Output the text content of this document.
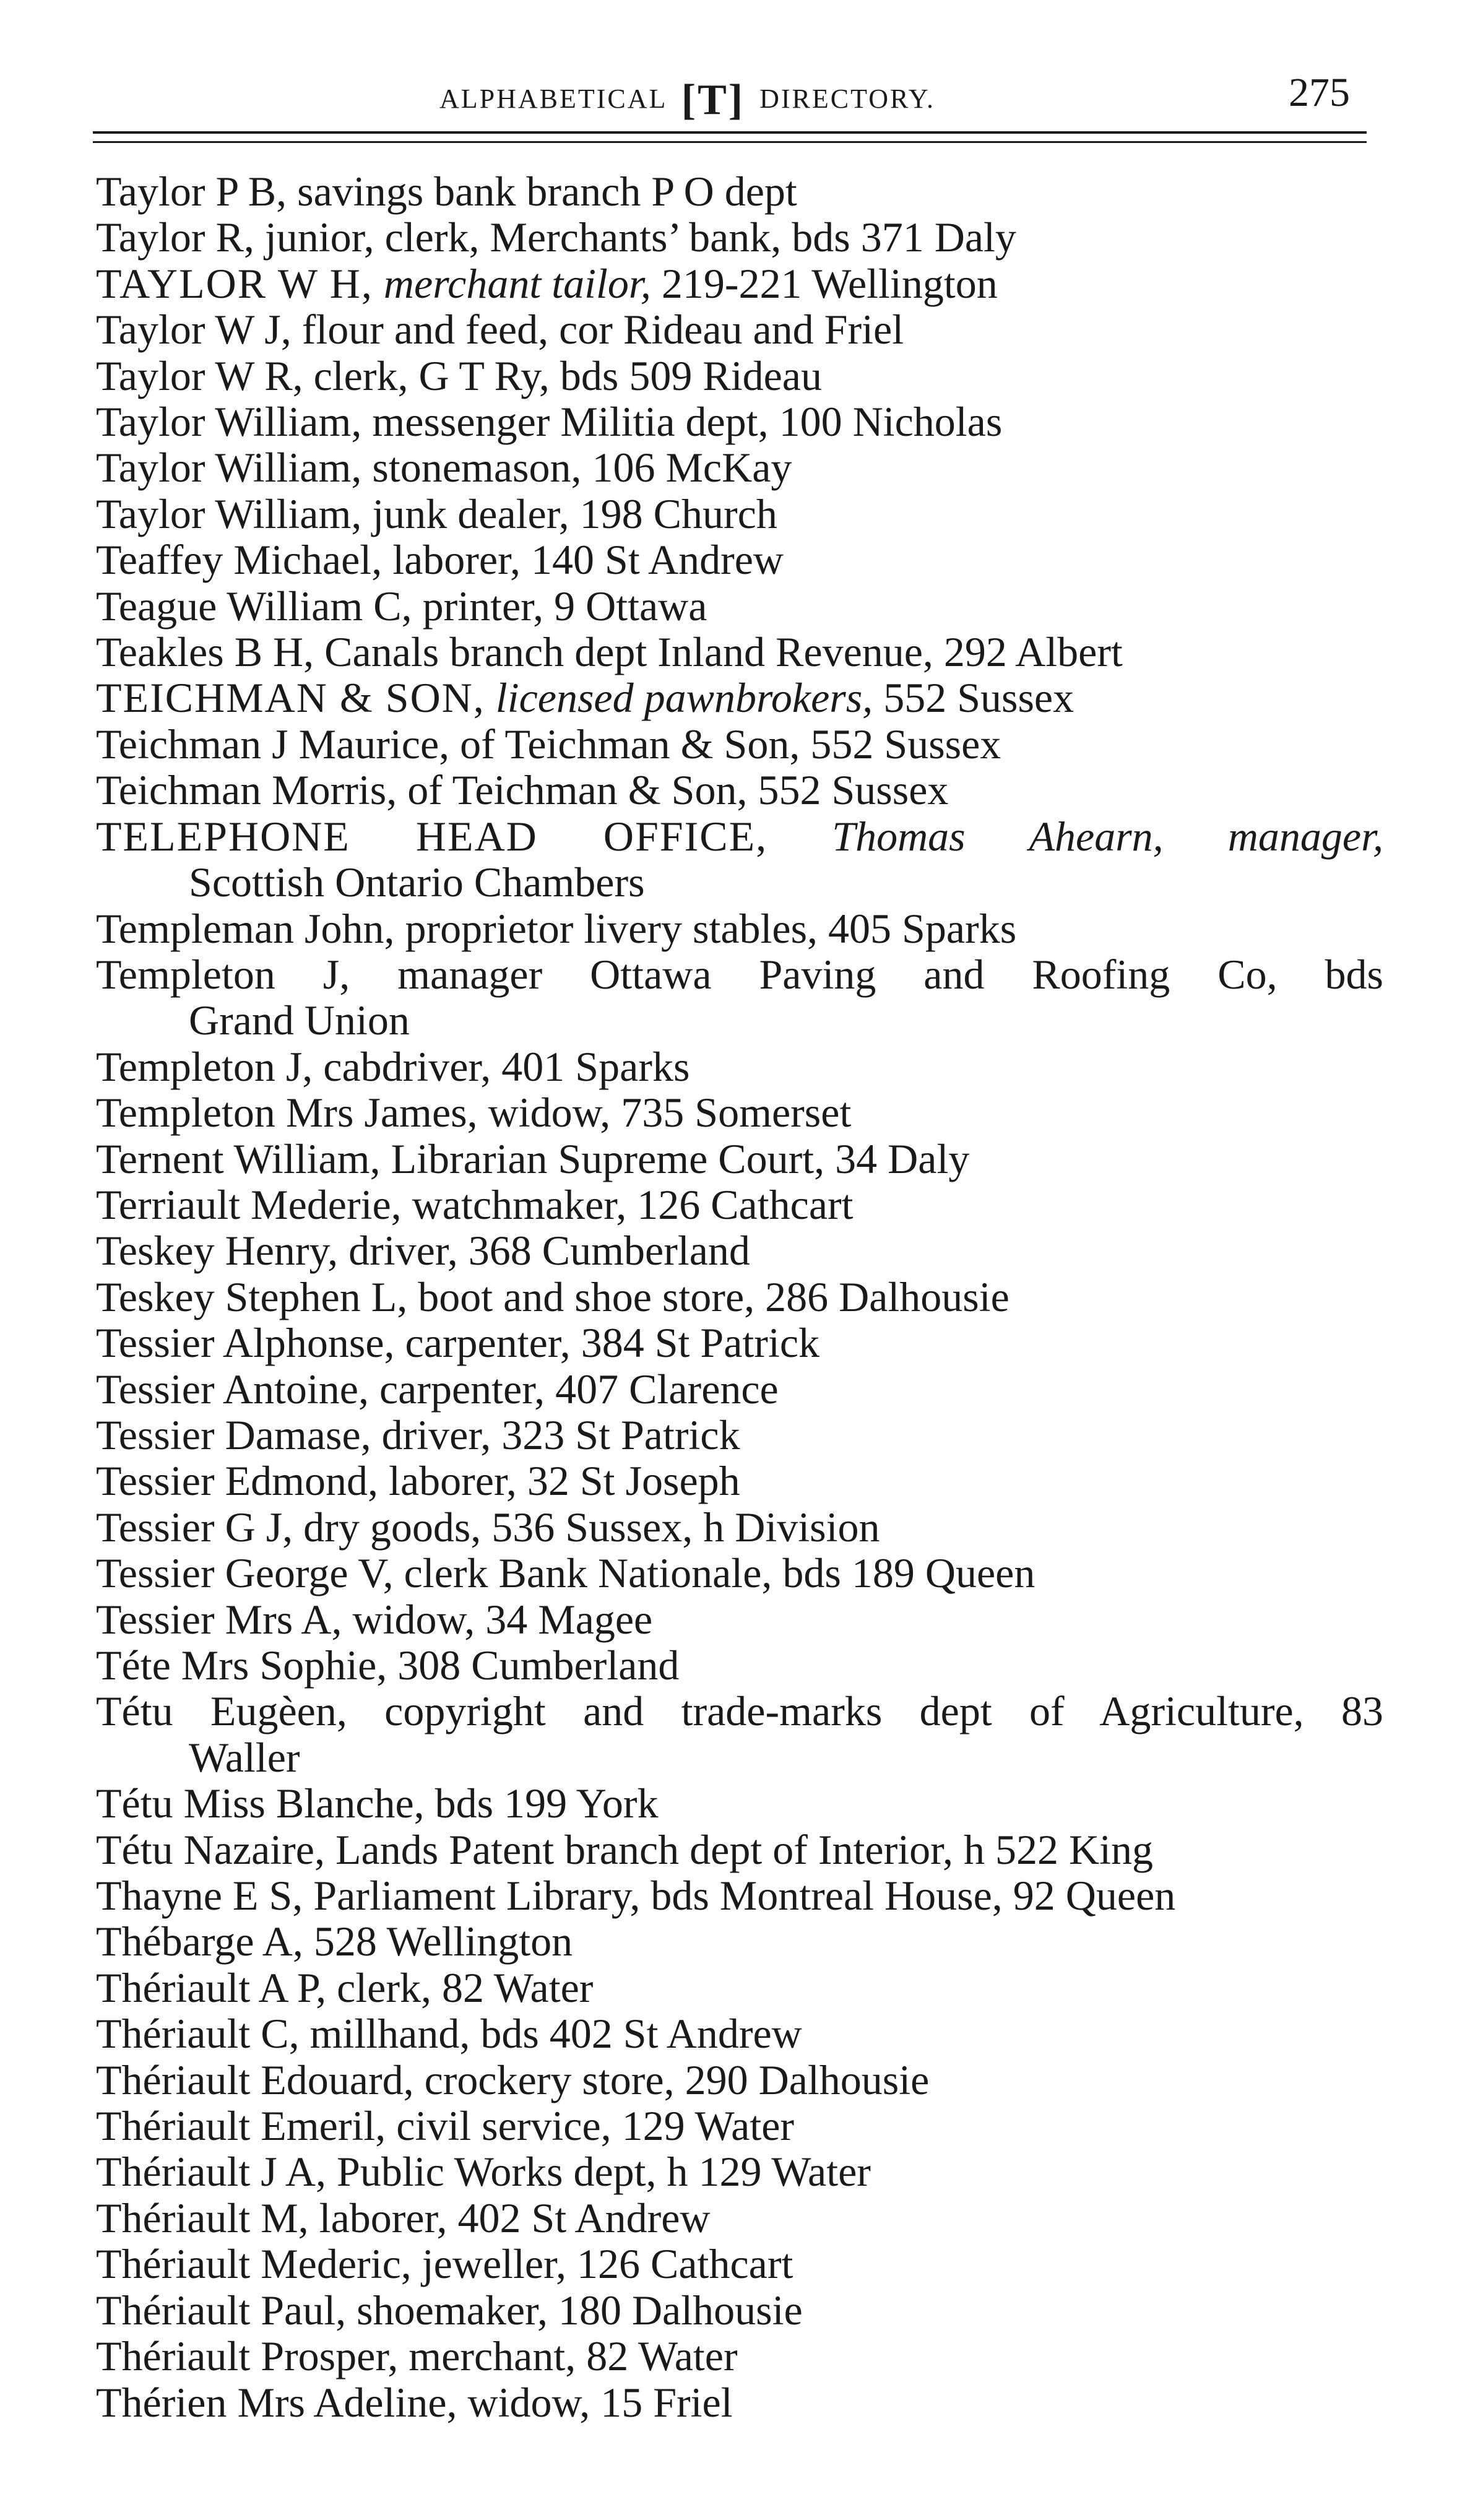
ALPHABETICAL [T] DIRECTORY.	275
Taylor P B, savings bank branch P O dept
Taylor R, junior, clerk, Merchants’ bank, bds 371 Daly
TAYLOR W H, merchant tailor, 219-221 Wellington
Taylor W J, flour and feed, cor Rideau and Friel
Taylor W R, clerk, G T Ry, bds 509 Rideau
Taylor William, messenger Militia dept, 100 Nicholas
Taylor William, stonemason, 106 McKay
Taylor William, junk dealer, 198 Church
Teaffey Michael, laborer, 140 St Andrew
Teague William C, printer, 9 Ottawa
Teakles B H, Canals branch dept Inland Revenue, 292 Albert
TEICHMAN & SON, licensed pawnbrokers, 552 Sussex
Teichman J Maurice, of Teichman & Son, 552 Sussex
Teichman Morris, of Teichman & Son, 552 Sussex
TELEPHONE HEAD OFFICE, Thomas Ahearn, manager,
Scottish Ontario Chambers
Templeman John, proprietor livery stables, 405 Sparks
Templeton J, manager Ottawa Paving and Roofing Co, bds
Grand Union
Templeton J, cabdriver, 401 Sparks
Templeton Mrs James, widow, 735 Somerset
Ternent William, Librarian Supreme Court, 34 Daly
Terriault Mederie, watchmaker, 126 Cathcart
Teskey Henry, driver, 368 Cumberland
Teskey Stephen L, boot and shoe store, 286 Dalhousie
Tessier Alphonse, carpenter, 384 St Patrick
Tessier Antoine, carpenter, 407 Clarence
Tessier Damase, driver, 323 St Patrick
Tessier Edmond, laborer, 32 St Joseph
Tessier G J, dry goods, 536 Sussex, h Division
Tessier George V, clerk Bank Nationale, bds 189 Queen
Tessier Mrs A, widow, 34 Magee
Téte Mrs Sophie, 308 Cumberland
Tétu Eugèen, copyright and trade-marks dept of Agriculture, 83
Waller
Tétu Miss Blanche, bds 199 York
Tétu Nazaire, Lands Patent branch dept of Interior, h 522 King
Thayne E S, Parliament Library, bds Montreal House, 92 Queen
Thébarge A, 528 Wellington
Thériault A P, clerk, 82 Water
Thériault C, millhand, bds 402 St Andrew
Thériault Edouard, crockery store, 290 Dalhousie
Thériault Emeril, civil service, 129 Water
Thériault J A, Public Works dept, h 129 Water
Thériault M, laborer, 402 St Andrew
Thériault Mederic, jeweller, 126 Cathcart
Thériault Paul, shoemaker, 180 Dalhousie
Thériault Prosper, merchant, 82 Water
Thérien Mrs Adeline, widow, 15 Friel
